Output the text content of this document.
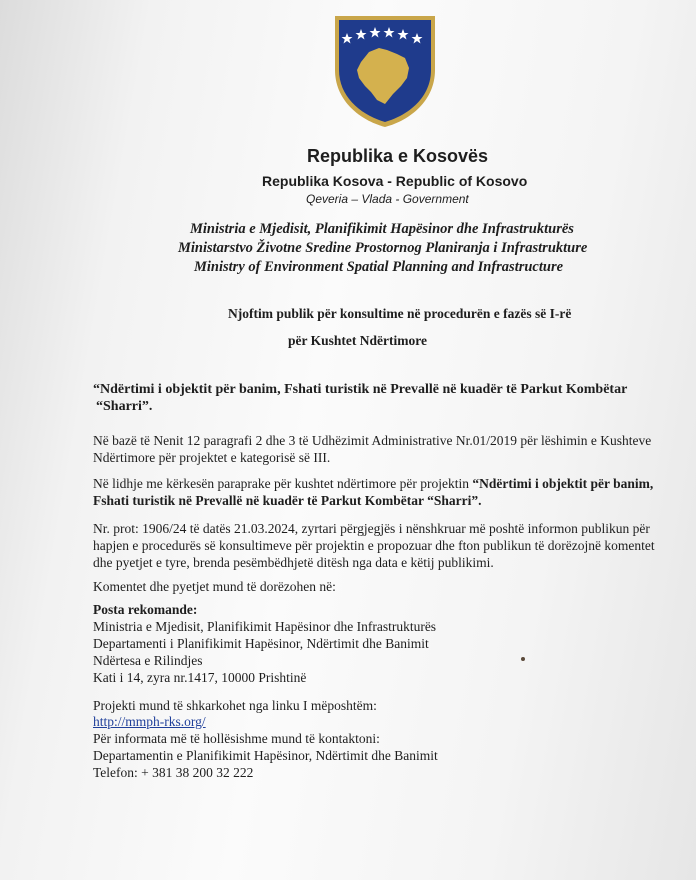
Republika e Kosovës
Republika Kosova - Republic of Kosovo
Qeveria – Vlada - Government
Ministria e Mjedisit, Planifikimit Hapësinor dhe Infrastrukturës
Ministarstvo Životne Sredine Prostornog Planiranja i Infrastrukture
Ministry of Environment Spatial Planning and Infrastructure
Njoftim publik për konsultime në procedurën e fazës së I-rë
për Kushtet Ndërtimore
“Ndërtimi i objektit për banim, Fshati turistik në Prevallë në kuadër të Parkut Kombëtar
“Sharri”.
Në bazë të Nenit 12 paragrafi 2 dhe 3 të Udhëzimit Administrative Nr.01/2019 për lëshimin e Kushteve
Ndërtimore për projektet e kategorisë së III.
Në lidhje me kërkesën paraprake për kushtet ndërtimore për projektin “Ndërtimi i objektit për banim,
Fshati turistik në Prevallë në kuadër të Parkut Kombëtar “Sharri”.
Nr. prot: 1906/24 të datës 21.03.2024, zyrtari përgjegjës i nënshkruar më poshtë informon publikun për
hapjen e procedurës së konsultimeve për projektin e propozuar dhe fton publikun të dorëzojnë komentet
dhe pyetjet e tyre, brenda pesëmbëdhjetë ditësh nga data e këtij publikimi.
Komentet dhe pyetjet mund të dorëzohen në:
Posta rekomande:
Ministria e Mjedisit, Planifikimit Hapësinor dhe Infrastrukturës
Departamenti i Planifikimit Hapësinor, Ndërtimit dhe Banimit
Ndërtesa e Rilindjes
Kati i 14, zyra nr.1417, 10000 Prishtinë
Projekti mund të shkarkohet nga linku I mëposhtëm:
http://mmph-rks.org/
Për informata më të hollësishme mund të kontaktoni:
Departamentin e Planifikimit Hapësinor, Ndërtimit dhe Banimit
Telefon: + 381 38 200 32 222
